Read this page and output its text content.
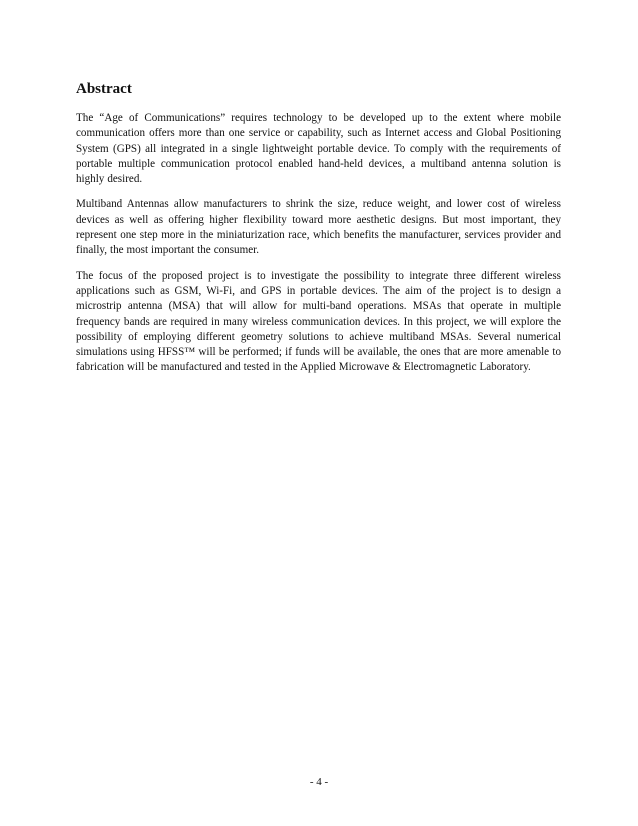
Abstract

The “Age of Communications” requires technology to be developed up to the extent where mobile communication offers more than one service or capability, such as Internet access and Global Positioning System (GPS) all integrated in a single lightweight portable device. To comply with the requirements of portable multiple communication protocol enabled hand-held devices, a multiband antenna solution is highly desired.

Multiband Antennas allow manufacturers to shrink the size, reduce weight, and lower cost of wireless devices as well as offering higher flexibility toward more aesthetic designs. But most important, they represent one step more in the miniaturization race, which benefits the manufacturer, services provider and finally, the most important the consumer.

The focus of the proposed project is to investigate the possibility to integrate three different wireless applications such as GSM, Wi-Fi, and GPS in portable devices. The aim of the project is to design a microstrip antenna (MSA) that will allow for multi-band operations. MSAs that operate in multiple frequency bands are required in many wireless communication devices. In this project, we will explore the possibility of employing different geometry solutions to achieve multiband MSAs. Several numerical simulations using HFSS™ will be performed; if funds will be available, the ones that are more amenable to fabrication will be manufactured and tested in the Applied Microwave & Electromagnetic Laboratory.

- 4 -
